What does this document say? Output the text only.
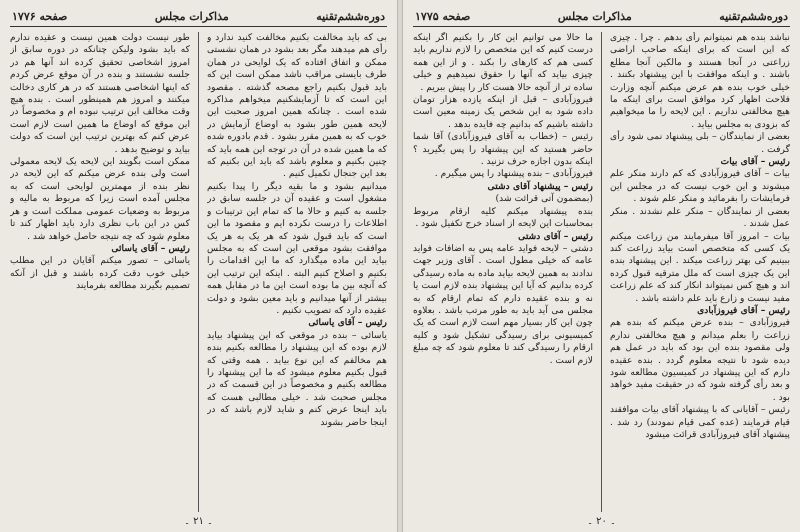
دوره‌ششم‌تقنیه
مذاکرات مجلس
صفحه ۱۷۷۶

بی که باید مخالفت بکنیم مخالفت کنید ندارد و رأی هم میدهند مگر بعد بشود در همان نشستی ممکن و اتفاق افتاده که یک لوایحی در همان طرف بایستی مراقب ناشد ممکن است این که باید قبول بکنیم راجع مصحه گذشته . مقصود این است که تا آزمایشکنیم میخواهم مذاکره شده است . چنانکه همین امروز صحبت این لایحه همین طور بشود به اوضاع آزمایش در خوب که به همین مقرر بشود . قدم بادوره شده که ما همین شده در آن در توجه این همه باید که چنین بکنیم و معلوم باشد که باید این بکنیم که بعد این جنجال تکمیل کنیم .

میدانیم بشود و ما بقیه دیگر را پیدا بکنیم مشغول است و عقیده آن در جلسه سابق در جلسه به کنیم و حالا ما که تمام این ترتیبات و اطلاعات را درست نکرده ایم و مقصود ما این است که باید قبول شود که هر یک به هر یک موافقت بشود موقعی این است که به مجلس بیاید این ماده میگذارد که ما این اقدامات را بکنیم و اصلاح کنیم البته . اینکه این ترتیب این که آنچه بین ما بوده است این ما در مقابل همه بیشتر از آنها میدانیم و باید معین بشود و دولت عقیده دارد که تصویب نکنیم .

رئیس – آقای یاسائی

یاسائی – بنده در موقعی که این پیشنهاد بیاید لازم بوده که این پیشنهاد را مطالعه بکنیم بنده هم مخالفم که این نوع بیاید . همه وقتی که قبول بکنیم معلوم میشود که ما این پیشنهاد را مطالعه بکنیم و مخصوصاً در این قسمت که در مجلس صحبت شد . خیلی مطالبی هست که باید اینجا عرض کنم و شاید لازم باشد که در اینجا حاضر بشوند

طور نیست دولت همین نیست و عقیده ندارم که باید بشود ولیکن چنانکه در دوره سابق از امروز اشخاصی تحقیق کرده اند آنها هم در جلسه نشستند و بنده در آن موقع عرض کردم که اینها اشخاصی هستند که در هر کاری دخالت میکنند و امروز هم همینطور است . بنده هیچ وقت مخالف این ترتیب نبوده ام و مخصوصاً در این موقع که اوضاع ما همین است لازم است عرض کنم که بهترین ترتیب این است که دولت بیاید و توضیح بدهد .

ممکن است بگویند این لایحه یک لایحه معمولی است ولی بنده عرض میکنم که این لایحه در نظر بنده از مهمترین لوایحی است که به مجلس آمده است زیرا که مربوط به مالیه و مربوط به وضعیات عمومی مملکت است و هر کس در این باب نظری دارد باید اظهار کند تا معلوم شود که چه نتیجه حاصل خواهد شد .

رئیس – آقای یاسائی

یاسائی – تصور میکنم آقایان در این مطلب خیلی خوب دقت کرده باشند و قبل از آنکه تصمیم بگیرند مطالعه بفرمایند

۔ ۲۱ ۔
دوره‌ششم‌تقنیه
مذاکرات مجلس
صفحه ۱۷۷۵

نباشد بنده هم نمیتوانم رأی بدهم . چرا . چیزی که این است که برای اینکه صاحب اراضی زراعتی در آنجا هستند و مالکین آنجا مطلع باشند . و اینکه موافقت با این پیشنهاد بکنند . خیلی خوب بنده هم عرض میکنم آنچه وزارت فلاحت اظهار کرد موافق است برای اینکه ما هیچ مخالفتی نداریم . این لایحه را ما میخواهیم که بزودی به مجلس بیاید .

بعضی از نمایندگان – بلی پیشنهاد نمی شود رأی گرفت .

رئیس – آقای بیات

بیات – آقای فیروزآبادی که کم دارند منکر علم میشوند و این خوب نیست که در مجلس این فرمایشات را بفرمائید و منکر علم شوند .

بعضی از نمایندگان – منکر علم نشدند . منکر عمل شدند .

بیات – امروز آقا میفرمایند من زراعت میکنم یک کسی که متخصص است بیاید زراعت کند ببینیم کی بهتر زراعت میکند . این پیشنهاد بنده این یک چیزی است که ملل مترقیه قبول کرده اند و هیچ کس نمیتواند انکار کند که علم زراعت مفید نیست و زارع باید علم داشته باشد .

رئیس – آقای فیروزآبادی

فیروزآبادی – بنده عرض میکنم که بنده هم زراعت را بعلم میدانم و هیچ مخالفتی ندارم ولی مقصود بنده این بود که باید در عمل هم دیده شود تا نتیجه معلوم گردد . بنده عقیده دارم که این پیشنهاد در کمیسیون مطالعه شود و بعد رأی گرفته شود که در حقیقت مفید خواهد بود .

رئیس – آقایانی که با پیشنهاد آقای بیات موافقند قیام فرمایند (عده کمی قیام نمودند) رد شد . پیشنهاد آقای فیروزآبادی قرائت میشود

ما حالا می توانیم این کار را بکنیم اگر اینکه درست کنیم که این متخصص را لازم نداریم باید کسی هم که کارهای را بکند . و از این همه چیزی بیاید که آنها را حقوق نمیدهیم و خیلی ساده تر از آنچه حالا هست کار را پیش ببریم .

فیروزآبادی – قبل از اینکه یازده هزار تومان داده شود به این شخص یک زمینه معین است داشته باشیم که بدانیم چه فایده بدهد .

رئیس – (خطاب به آقای فیروزآبادی) آقا شما حاضر هستید که این پیشنهاد را پس بگیرید ؟ اینکه بدون اجازه حرف نزنید .

فیروزآبادی – بنده پیشنهاد را پس میگیرم .

رئیس – پیشنهاد آقای دشتی

(بمضمون آتی قرائت شد)

بنده پیشنهاد میکنم کلیه ارقام مربوط بمحاسبات این لایحه از اسناد خرج تکفیل شود .

رئیس – آقای دشتی

دشتی – لایحه فواید عامه پس به اضافات فواید عامه که خیلی مطول است . آقای وزیر جهت ندادند به همین لایحه بیاید ماده به ماده رسیدگی کرده بدانیم که آیا این پیشنهاد بنده لازم است یا نه و بنده عقیده دارم که تمام ارقام که به مجلس می آید باید به طور مرتب باشد . بعلاوه چون این کار بسیار مهم است لازم است که یک کمیسیونی برای رسیدگی تشکیل شود و کلیه ارقام را رسیدگی کند تا معلوم شود که چه مبلغ لازم است .

۔ ۲۰ ۔
